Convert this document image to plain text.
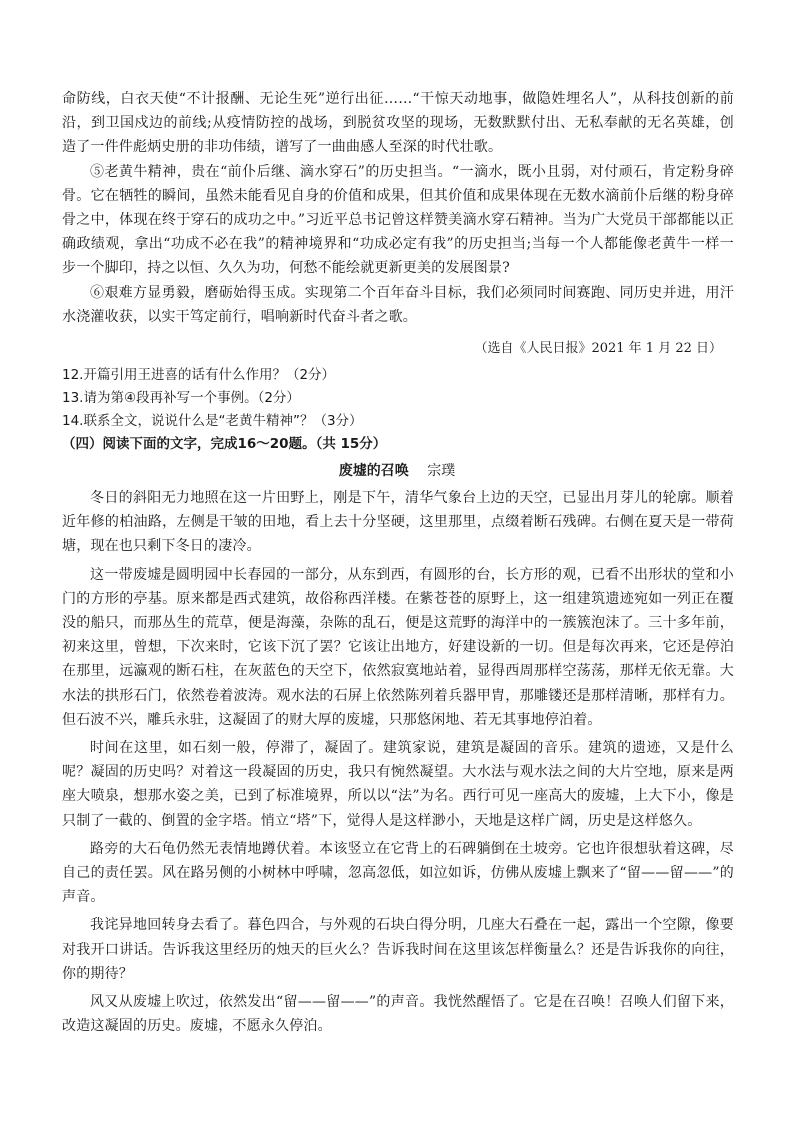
命防线，白衣天使“不计报酬、无论生死”逆行出征……“干惊天动地事，做隐姓埋名人”，从科技创新的前沿，到卫国戍边的前线;从疫情防控的战场，到脱贫攻坚的现场，无数默默付出、无私奉献的无名英雄，创造了一件件彪炳史册的非功伟绩，谱写了一曲曲感人至深的时代壮歌。

⑤老黄牛精神，贵在“前仆后继、滴水穿石”的历史担当。“一滴水，既小且弱，对付顽石，肯定粉身碎骨。它在牺牲的瞬间，虽然未能看见自身的价值和成果，但其价值和成果体现在无数水滴前仆后继的粉身碎骨之中，体现在终于穿石的成功之中。”习近平总书记曾这样赞美滴水穿石精神。当为广大党员干部都能以正确政绩观，拿出“功成不必在我”的精神境界和“功成必定有我”的历史担当;当每一个人都能像老黄牛一样一步一个脚印，持之以恒、久久为功，何愁不能绘就更新更美的发展图景?

⑥艰难方显勇毅，磨砺始得玉成。实现第二个百年奋斗目标，我们必须同时间赛跑、同历史并进，用汗水浇灌收获，以实干笃定前行，唱响新时代奋斗者之歌。

（选自《人民日报》2021 年 1 月 22 日）
12.开篇引用王进喜的话有什么作用？（2分）
13.请为第④段再补写一个事例。（2分）
14.联系全文，说说什么是“老黄牛精神”？（3分）
（四）阅读下面的文字，完成16～20题。（共 15分）
废墟的召唤 宗璞

冬日的斜阳无力地照在这一片田野上，刚是下午，清华气象台上边的天空，已显出月芽儿的轮廓。顺着近年修的柏油路，左侧是干皱的田地，看上去十分坚硬，这里那里，点缀着断石残碑。右侧在夏天是一带荷塘，现在也只剩下冬日的凄冷。

这一带废墟是圆明园中长春园的一部分，从东到西，有圆形的台，长方形的观，已看不出形状的堂和小门的方形的亭基。原来都是西式建筑，故俗称西洋楼。在紫苍苍的原野上，这一组建筑遗迹宛如一列正在覆没的船只，而那丛生的荒草，便是海藻，杂陈的乱石，便是这荒野的海洋中的一簇簇泡沫了。三十多年前，初来这里，曾想，下次来时，它该下沉了罢？它该让出地方，好建设新的一切。但是每次再来，它还是停泊在那里，远瀛观的断石柱，在灰蓝色的天空下，依然寂寞地站着，显得西周那样空荡荡，那样无依无靠。大水法的拱形石门，依然卷着波涛。观水法的石屏上依然陈列着兵器甲胄，那雕镂还是那样清晰，那样有力。但石波不兴，雕兵永驻，这凝固了的财大厚的废墟，只那悠闲地、若无其事地停泊着。

时间在这里，如石刻一般，停滞了，凝固了。建筑家说，建筑是凝固的音乐。建筑的遗迹，又是什么呢？凝固的历史吗？对着这一段凝固的历史，我只有惋然凝望。大水法与观水法之间的大片空地，原来是两座大喷泉，想那水姿之美，已到了标准境界，所以以“法”为名。西行可见一座高大的废墟，上大下小，像是只制了一截的、倒置的金字塔。悄立“塔”下，觉得人是这样渺小，天地是这样广阔，历史是这样悠久。

路旁的大石龟仍然无表情地蹲伏着。本该竖立在它背上的石碑躺倒在土坡旁。它也许很想驮着这碑，尽自己的责任罢。风在路另侧的小树林中呼啸，忽高忽低，如泣如诉，仿佛从废墟上飘来了“留——留——”的声音。

我诧异地回转身去看了。暮色四合，与外观的石块白得分明，几座大石叠在一起，露出一个空隙，像要对我开口讲话。告诉我这里经历的烛天的巨火么？告诉我时间在这里该怎样衡量么？还是告诉我你的向往，你的期待？

风又从废墟上吹过，依然发出“留——留——”的声音。我恍然醒悟了。它是在召唤！召唤人们留下来，改造这凝固的历史。废墟，不愿永久停泊。
